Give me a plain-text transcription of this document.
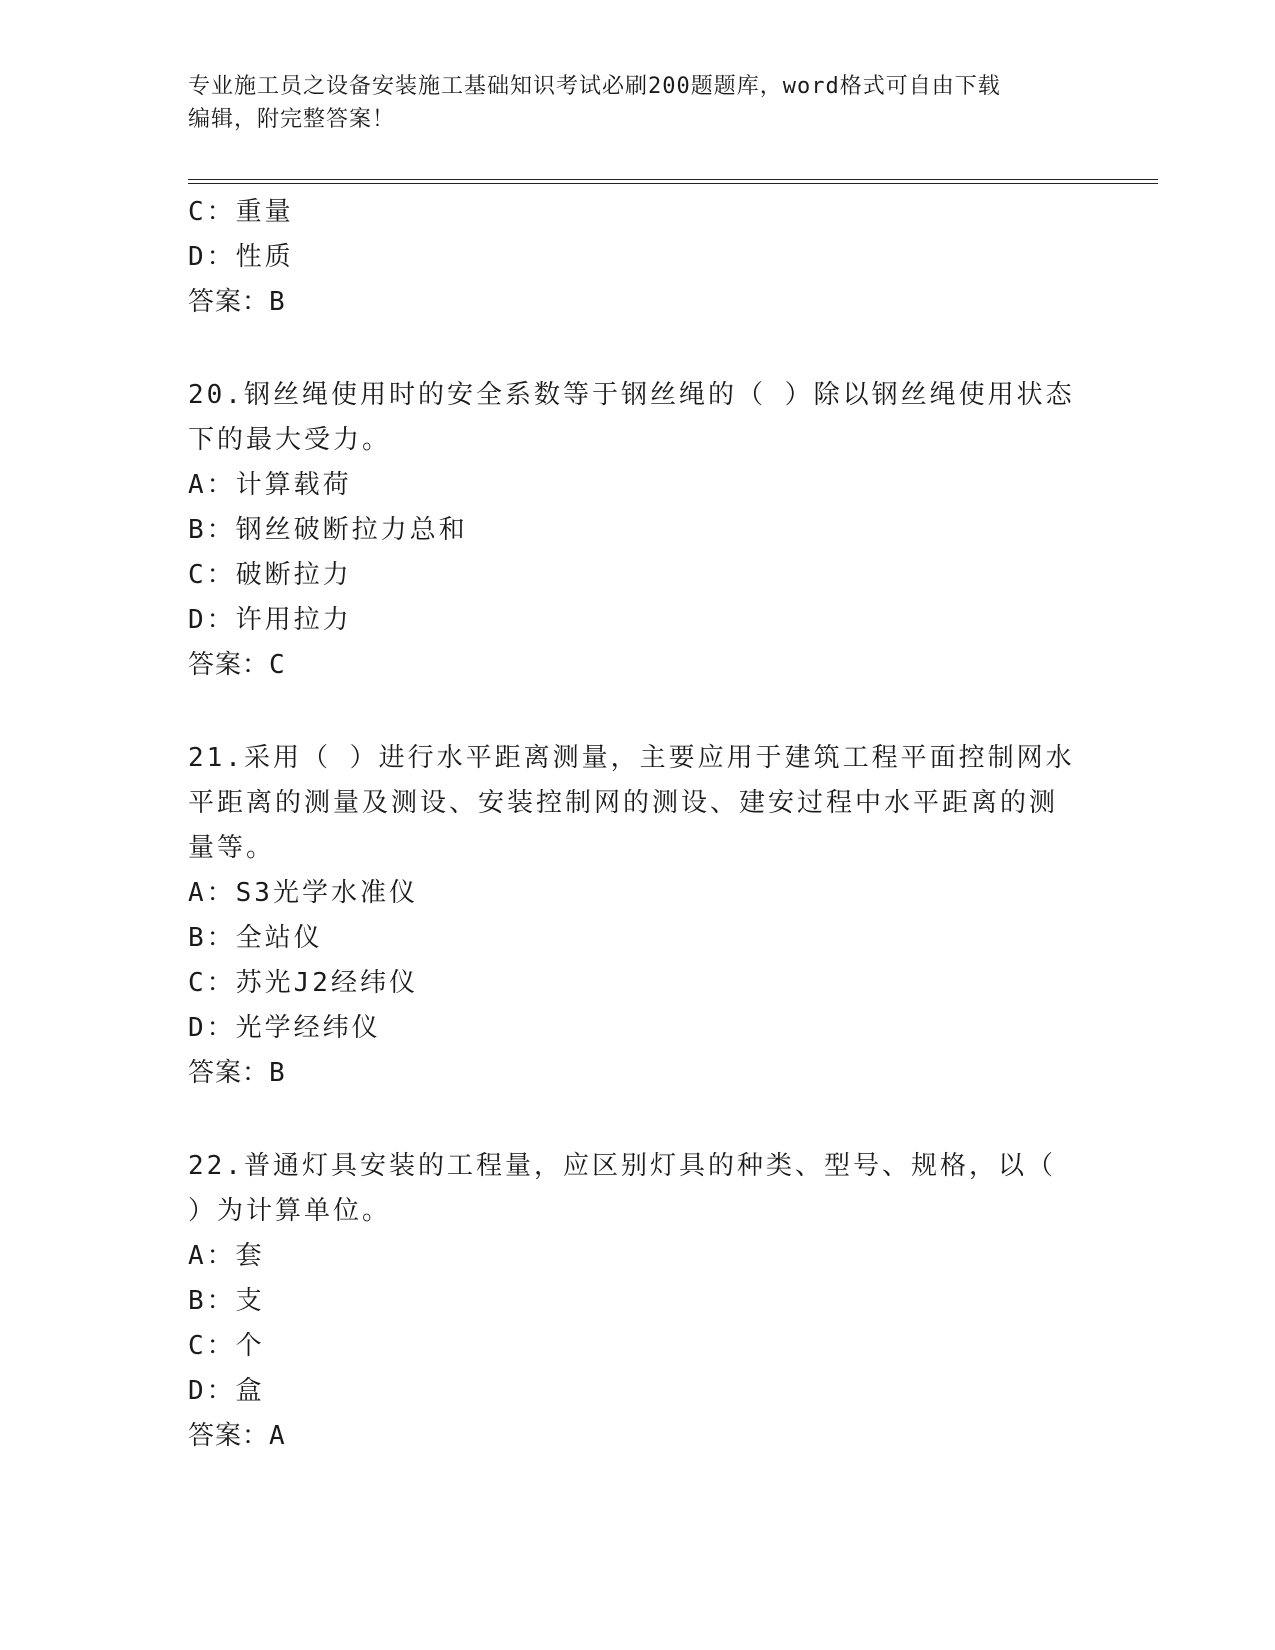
专业施工员之设备安装施工基础知识考试必刷200题题库，word格式可自由下载
编辑，附完整答案！
C：重量
D：性质
答案：B
20.钢丝绳使用时的安全系数等于钢丝绳的（ ）除以钢丝绳使用状态
下的最大受力。
A：计算载荷
B：钢丝破断拉力总和
C：破断拉力
D：许用拉力
答案：C
21.采用（ ）进行水平距离测量，主要应用于建筑工程平面控制网水
平距离的测量及测设、安装控制网的测设、建安过程中水平距离的测
量等。
A：S3光学水准仪
B：全站仪
C：苏光J2经纬仪
D：光学经纬仪
答案：B
22.普通灯具安装的工程量，应区别灯具的种类、型号、规格，以（
）为计算单位。
A：套
B：支
C：个
D：盒
答案：A
